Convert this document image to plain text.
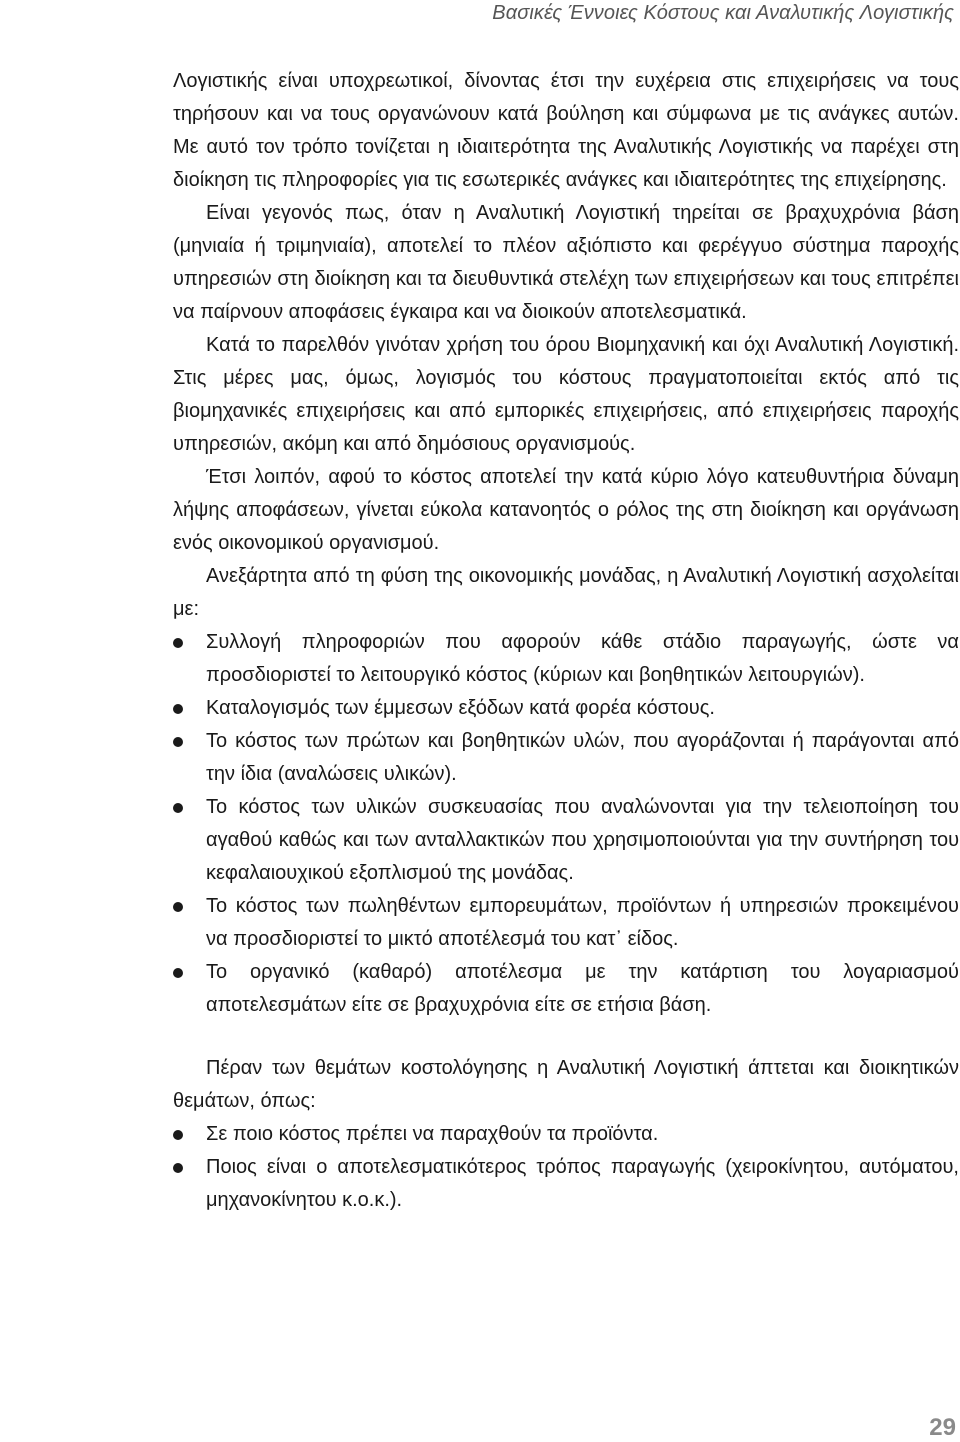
Βασικές Έννοιες Κόστους και Αναλυτικής Λογιστικής

Λογιστικής είναι υποχρεωτικοί, δίνοντας έτσι την ευχέρεια στις επιχειρήσεις να τους τηρήσουν και να τους οργανώνουν κατά βούληση και σύμφωνα με τις ανάγκες αυτών. Με αυτό τον τρόπο τονίζεται η ιδιαιτερότητα της Αναλυτικής Λογιστικής να παρέχει στη διοίκηση τις πληροφορίες για τις εσωτερικές ανάγκες και ιδιαιτερότητες της επιχείρησης.

Είναι γεγονός πως, όταν η Αναλυτική Λογιστική τηρείται σε βραχυχρόνια βάση (μηνιαία ή τριμηνιαία), αποτελεί το πλέον αξιόπιστο και φερέγγυο σύστημα παροχής υπηρεσιών στη διοίκηση και τα διευθυντικά στελέχη των επιχειρήσεων και τους επιτρέπει να παίρνουν αποφάσεις έγκαιρα και να διοικούν αποτελεσματικά.

Κατά το παρελθόν γινόταν χρήση του όρου Βιομηχανική και όχι Αναλυτική Λογιστική. Στις μέρες μας, όμως, λογισμός του κόστους πραγματοποιείται εκτός από τις βιομηχανικές επιχειρήσεις και από εμπορικές επιχειρήσεις, από επιχειρήσεις παροχής υπηρεσιών, ακόμη και από δημόσιους οργανισμούς.

Έτσι λοιπόν, αφού το κόστος αποτελεί την κατά κύριο λόγο κατευθυντήρια δύναμη λήψης αποφάσεων, γίνεται εύκολα κατανοητός ο ρόλος της στη διοίκηση και οργάνωση ενός οικονομικού οργανισμού.

Ανεξάρτητα από τη φύση της οικονομικής μονάδας, η Αναλυτική Λογιστική ασχολείται με:

Συλλογή πληροφοριών που αφορούν κάθε στάδιο παραγωγής, ώστε να προσδιοριστεί το λειτουργικό κόστος (κύριων και βοηθητικών λειτουργιών).
Καταλογισμός των έμμεσων εξόδων κατά φορέα κόστους.
Το κόστος των πρώτων και βοηθητικών υλών, που αγοράζονται ή παράγονται από την ίδια (αναλώσεις υλικών).
Το κόστος των υλικών συσκευασίας που αναλώνονται για την τελειοποίηση του αγαθού καθώς και των ανταλλακτικών που χρησιμοποιούνται για την συντήρηση του κεφαλαιουχικού εξοπλισμού της μονάδας.
Το κόστος των πωληθέντων εμπορευμάτων, προϊόντων ή υπηρεσιών προκειμένου να προσδιοριστεί το μικτό αποτέλεσμά του κατ᾽ είδος.
Το οργανικό (καθαρό) αποτέλεσμα με την κατάρτιση του λογαριασμού αποτελεσμάτων είτε σε βραχυχρόνια είτε σε ετήσια βάση.

Πέραν των θεμάτων κοστολόγησης η Αναλυτική Λογιστική άπτεται και διοικητικών θεμάτων, όπως:

Σε ποιο κόστος πρέπει να παραχθούν τα προϊόντα.
Ποιος είναι ο αποτελεσματικότερος τρόπος παραγωγής (χειροκίνητου, αυτόματου, μηχανοκίνητου κ.ο.κ.).
29
